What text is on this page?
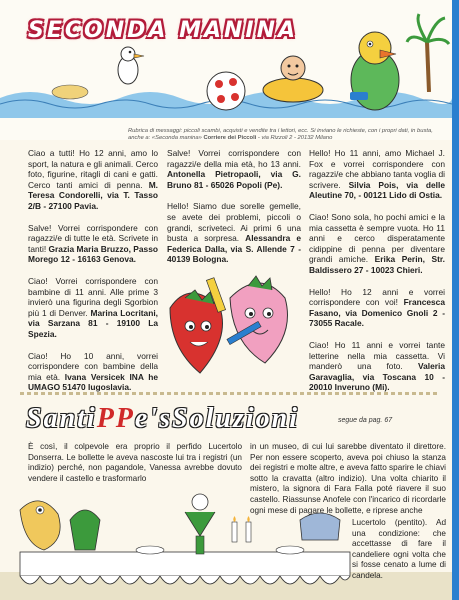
SECONDA MANINA
Rubrica di messaggi: piccoli scambi, acquisti e vendite tra i lettori, ecc. Si inviano le richieste, con i propri dati, in busta, anche a: «Seconda manina» Corriere dei Piccoli - via Rizzoli 2 - 20132 Milano

Ciao a tutti! Ho 12 anni, amo lo sport, la natura e gli animali. Cerco foto, figurine, ritagli di cani e gatti. Cerco tanti amici di penna. M. Teresa Condorelli, via T. Tasso 2/B - 27100 Pavia.

Salve! Vorrei corrispondere con ragazzi/e di tutte le età. Scrivete in tanti! Grazia Maria Bruzzo, Passo Morego 12 - 16163 Genova.

Ciao! Vorrei corrispondere con bambine di 11 anni. Alle prime 3 invierò una figurina degli Sgorbion più 1 di Denver. Marina Locritani, via Sarzana 81 - 19100 La Spezia.

Ciao! Ho 10 anni, vorrei corrispondere con bambine della mia età. Ivana Versicek INA he UMAGO 51470 Iugoslavia.

Salve! Vorrei corrispondere con ragazzi/e della mia età, ho 13 anni. Antonella Pietropaoli, via G. Bruno 81 - 65026 Popoli (Pe).

Hello! Siamo due sorelle gemelle, se avete dei problemi, piccoli o grandi, scriveteci. Ai primi 6 una busta a sorpresa. Alessandra e Federica Dalla, via S. Allende 7 - 40139 Bologna.

Hello! Ho 11 anni, amo Michael J. Fox e vorrei corrispondere con ragazzi/e che abbiano tanta voglia di scrivere. Silvia Pois, via delle Aleutine 70, - 00121 Lido di Ostia.

Ciao! Sono sola, ho pochi amici e la mia cassetta è sempre vuota. Ho 11 anni e cerco disperatamente cidippine di penna per diventare grandi amiche. Erika Perin, Str. Baldissero 27 - 10023 Chieri.

Hello! Ho 12 anni e vorrei corrispondere con voi! Francesca Fasano, via Domenico Gnoli 2 - 73055 Racale.

Ciao! Ho 11 anni e vorrei tante letterine nella mia cassetta. Vi manderò una foto. Valeria Garavaglia, via Toscana 10 - 20010 Inveruno (Mi).

SantiPPe'sSoluzioni	segue da pag. 67
È così, il colpevole era proprio il perfido Lucertolo Donserra. Le bollette le aveva nascoste lui tra i registri (un indizio) perché, non pagandole, Vanessa avrebbe dovuto vendere il castello e trasformarlo
in un museo, di cui lui sarebbe diventato il direttore. Per non essere scoperto, aveva poi chiuso la stanza dei registri e molte altre, e aveva fatto sparire le chiavi sotto la cravatta (altro indizio). Una volta chiarito il mistero, la signora di Fara Falla poté riavere il suo castello. Riassunse Anofele con l'incarico di ricordarle ogni mese di pagare le bollette, e riprese anche
Lucertolo (pentito). Ad una condizione: che accettasse di fare il candeliere ogni volta che si fosse cenato a lume di candela.
